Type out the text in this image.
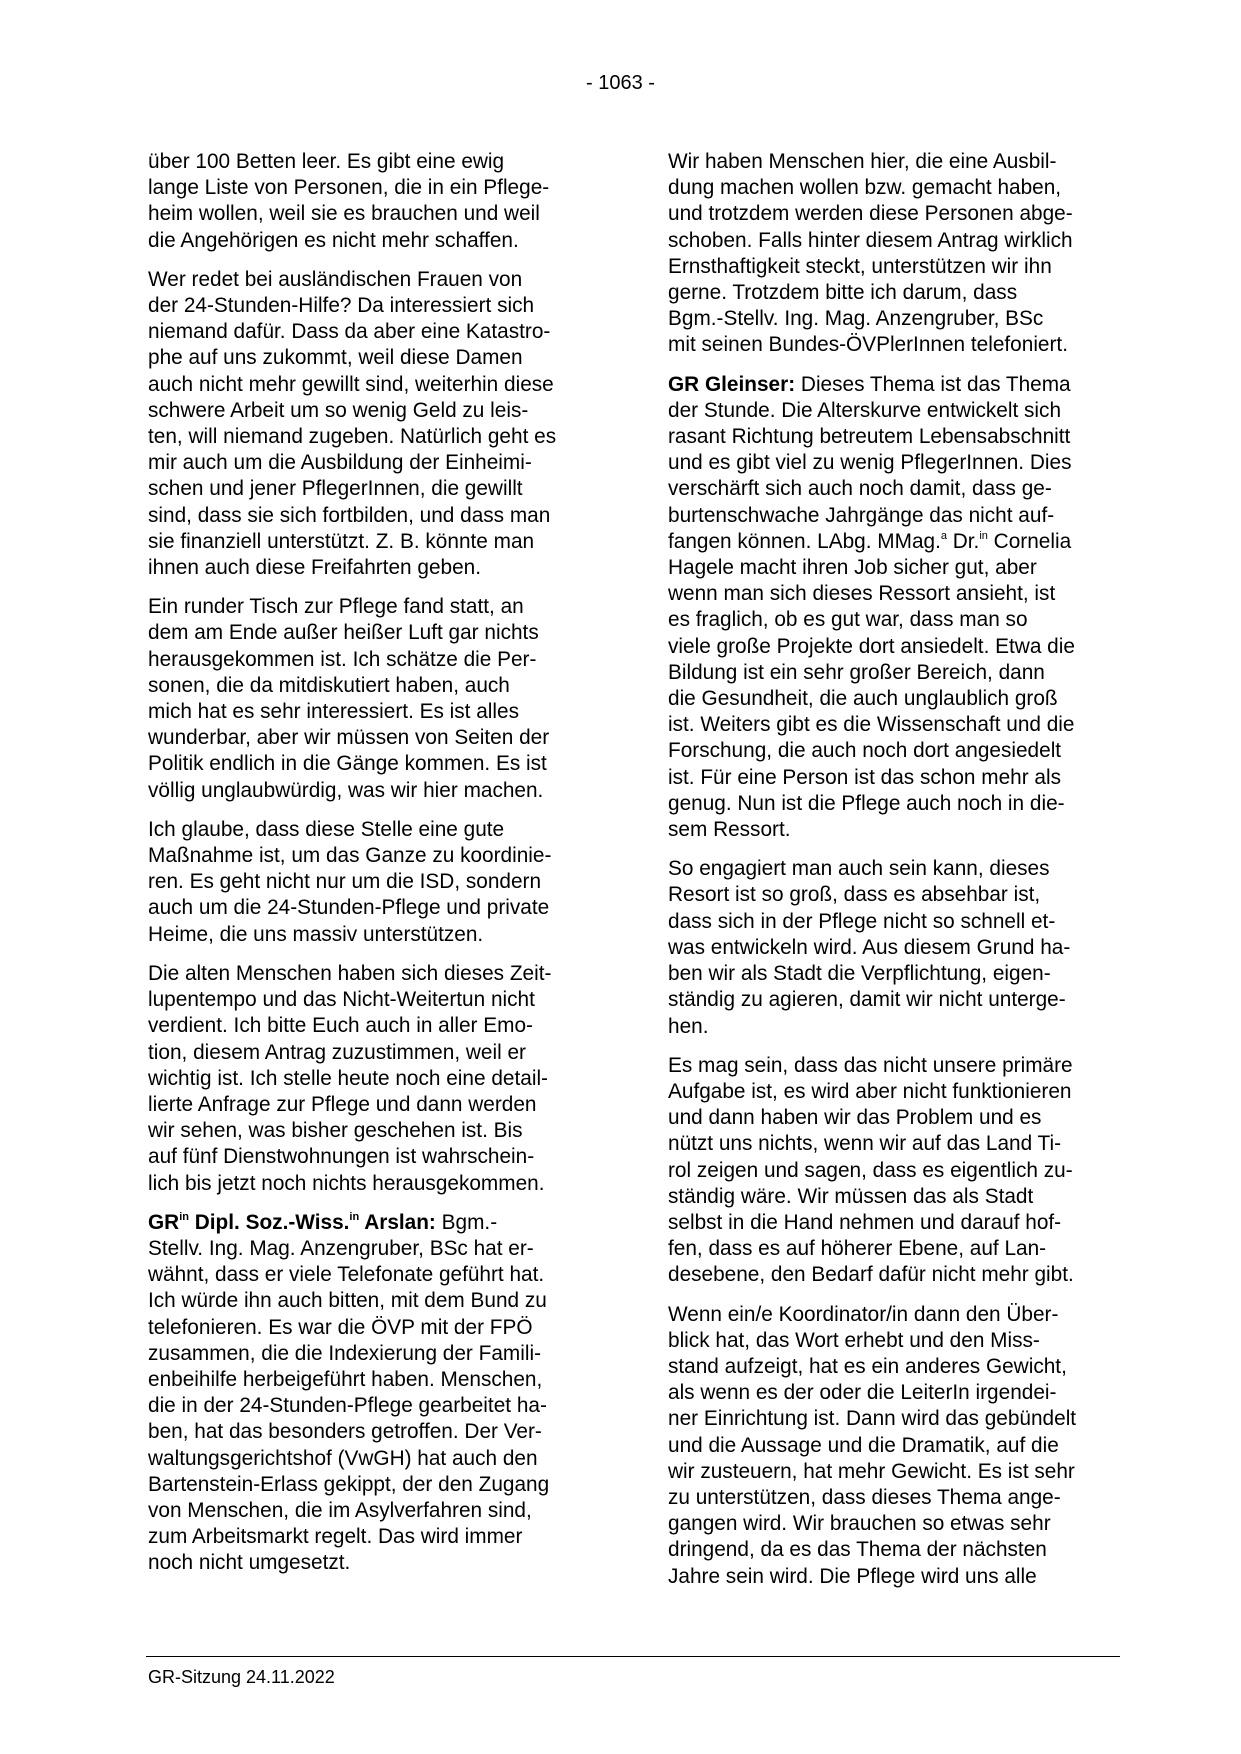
- 1063 -

über 100 Betten leer. Es gibt eine ewig
lange Liste von Personen, die in ein Pflege-
heim wollen, weil sie es brauchen und weil
die Angehörigen es nicht mehr schaffen.

Wer redet bei ausländischen Frauen von
der 24-Stunden-Hilfe? Da interessiert sich
niemand dafür. Dass da aber eine Katastro-
phe auf uns zukommt, weil diese Damen
auch nicht mehr gewillt sind, weiterhin diese
schwere Arbeit um so wenig Geld zu leis-
ten, will niemand zugeben. Natürlich geht es
mir auch um die Ausbildung der Einheimi-
schen und jener PflegerInnen, die gewillt
sind, dass sie sich fortbilden, und dass man
sie finanziell unterstützt. Z. B. könnte man
ihnen auch diese Freifahrten geben.

Ein runder Tisch zur Pflege fand statt, an
dem am Ende außer heißer Luft gar nichts
herausgekommen ist. Ich schätze die Per-
sonen, die da mitdiskutiert haben, auch
mich hat es sehr interessiert. Es ist alles
wunderbar, aber wir müssen von Seiten der
Politik endlich in die Gänge kommen. Es ist
völlig unglaubwürdig, was wir hier machen.

Ich glaube, dass diese Stelle eine gute
Maßnahme ist, um das Ganze zu koordinie-
ren. Es geht nicht nur um die ISD, sondern
auch um die 24-Stunden-Pflege und private
Heime, die uns massiv unterstützen.

Die alten Menschen haben sich dieses Zeit-
lupentempo und das Nicht-Weitertun nicht
verdient. Ich bitte Euch auch in aller Emo-
tion, diesem Antrag zuzustimmen, weil er
wichtig ist. Ich stelle heute noch eine detail-
lierte Anfrage zur Pflege und dann werden
wir sehen, was bisher geschehen ist. Bis
auf fünf Dienstwohnungen ist wahrschein-
lich bis jetzt noch nichts herausgekommen.

$GR^{in}$ Dipl. Soz.-Wiss.$^{in}$ Arslan: Bgm.-
Stellv. Ing. Mag. Anzengruber, BSc hat er-
wähnt, dass er viele Telefonate geführt hat.
Ich würde ihn auch bitten, mit dem Bund zu
telefonieren. Es war die ÖVP mit der FPÖ
zusammen, die die Indexierung der Famili-
enbeihilfe herbeigeführt haben. Menschen,
die in der 24-Stunden-Pflege gearbeitet ha-
ben, hat das besonders getroffen. Der Ver-
waltungsgerichtshof (VwGH) hat auch den
Bartenstein-Erlass gekippt, der den Zugang
von Menschen, die im Asylverfahren sind,
zum Arbeitsmarkt regelt. Das wird immer
noch nicht umgesetzt.

Wir haben Menschen hier, die eine Ausbil-
dung machen wollen bzw. gemacht haben,
und trotzdem werden diese Personen abge-
schoben. Falls hinter diesem Antrag wirklich
Ernsthaftigkeit steckt, unterstützen wir ihn
gerne. Trotzdem bitte ich darum, dass
Bgm.-Stellv. Ing. Mag. Anzengruber, BSc
mit seinen Bundes-ÖVPlerInnen telefoniert.

GR Gleinser: Dieses Thema ist das Thema
der Stunde. Die Alterskurve entwickelt sich
rasant Richtung betreutem Lebensabschnitt
und es gibt viel zu wenig PflegerInnen. Dies
verschärft sich auch noch damit, dass ge-
burtenschwache Jahrgänge das nicht auf-
fangen können. LAbg. MMag.$^a$ Dr.$^{in}$ Cornelia
Hagele macht ihren Job sicher gut, aber
wenn man sich dieses Ressort ansieht, ist
es fraglich, ob es gut war, dass man so
viele große Projekte dort ansiedelt. Etwa die
Bildung ist ein sehr großer Bereich, dann
die Gesundheit, die auch unglaublich groß
ist. Weiters gibt es die Wissenschaft und die
Forschung, die auch noch dort angesiedelt
ist. Für eine Person ist das schon mehr als
genug. Nun ist die Pflege auch noch in die-
sem Ressort.

So engagiert man auch sein kann, dieses
Resort ist so groß, dass es absehbar ist,
dass sich in der Pflege nicht so schnell et-
was entwickeln wird. Aus diesem Grund ha-
ben wir als Stadt die Verpflichtung, eigen-
ständig zu agieren, damit wir nicht unterge-
hen.

Es mag sein, dass das nicht unsere primäre
Aufgabe ist, es wird aber nicht funktionieren
und dann haben wir das Problem und es
nützt uns nichts, wenn wir auf das Land Ti-
rol zeigen und sagen, dass es eigentlich zu-
ständig wäre. Wir müssen das als Stadt
selbst in die Hand nehmen und darauf hof-
fen, dass es auf höherer Ebene, auf Lan-
desebene, den Bedarf dafür nicht mehr gibt.

Wenn ein/e Koordinator/in dann den Über-
blick hat, das Wort erhebt und den Miss-
stand aufzeigt, hat es ein anderes Gewicht,
als wenn es der oder die LeiterIn irgendei-
ner Einrichtung ist. Dann wird das gebündelt
und die Aussage und die Dramatik, auf die
wir zusteuern, hat mehr Gewicht. Es ist sehr
zu unterstützen, dass dieses Thema ange-
gangen wird. Wir brauchen so etwas sehr
dringend, da es das Thema der nächsten
Jahre sein wird. Die Pflege wird uns alle

GR-Sitzung 24.11.2022
